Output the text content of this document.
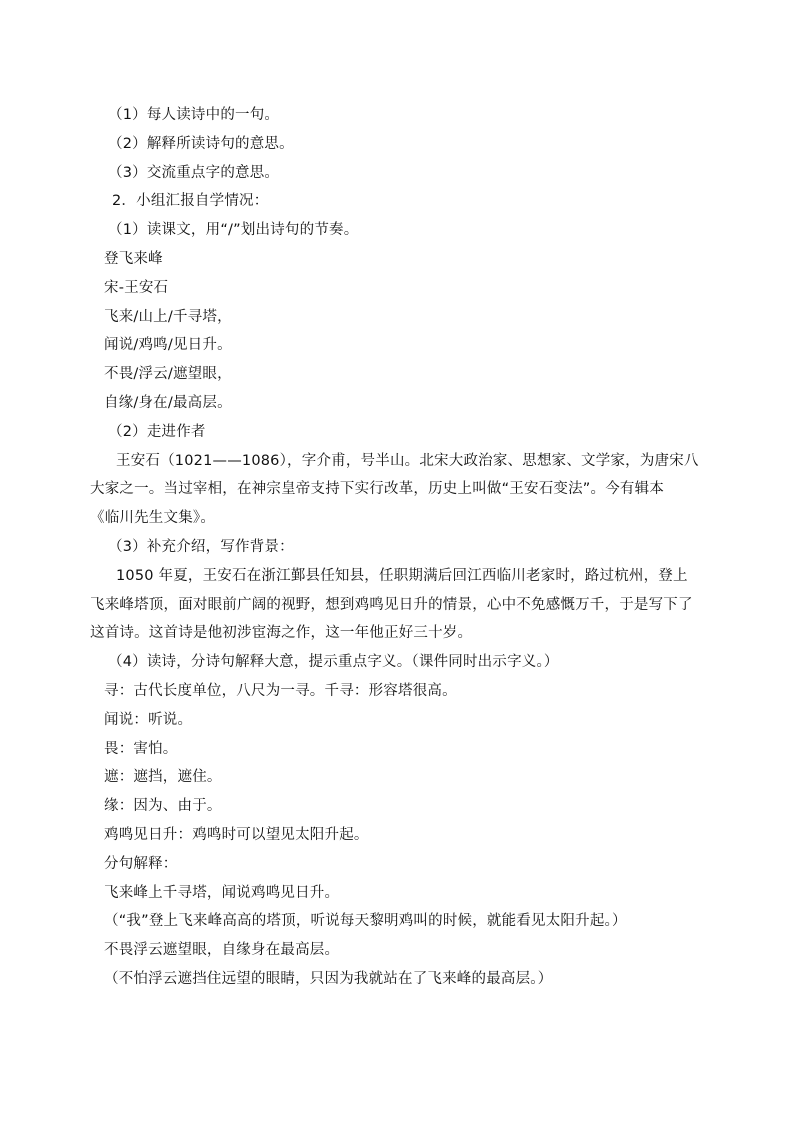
（1）每人读诗中的一句。
（2）解释所读诗句的意思。
（3）交流重点字的意思。
2．小组汇报自学情况：
（1）读课文，用“/”划出诗句的节奏。
登飞来峰
宋-王安石
飞来/山上/千寻塔，
闻说/鸡鸣/见日升。
不畏/浮云/遮望眼，
自缘/身在/最高层。
（2）走进作者
王安石（1021——1086），字介甫，号半山。北宋大政治家、思想家、文学家，为唐宋八
大家之一。当过宰相，在神宗皇帝支持下实行改革，历史上叫做“王安石变法”。今有辑本
《临川先生文集》。
（3）补充介绍，写作背景：
1050 年夏，王安石在浙江鄞县任知县，任职期满后回江西临川老家时，路过杭州，登上
飞来峰塔顶，面对眼前广阔的视野，想到鸡鸣见日升的情景，心中不免感慨万千，于是写下了
这首诗。这首诗是他初涉宦海之作，这一年他正好三十岁。
（4）读诗，分诗句解释大意，提示重点字义。（课件同时出示字义。）
寻：古代长度单位，八尺为一寻。千寻：形容塔很高。
闻说：听说。
畏：害怕。
遮：遮挡，遮住。
缘：因为、由于。
鸡鸣见日升：鸡鸣时可以望见太阳升起。
分句解释：
飞来峰上千寻塔，闻说鸡鸣见日升。
（“我”登上飞来峰高高的塔顶，听说每天黎明鸡叫的时候，就能看见太阳升起。）
不畏浮云遮望眼，自缘身在最高层。
（不怕浮云遮挡住远望的眼睛，只因为我就站在了飞来峰的最高层。）
